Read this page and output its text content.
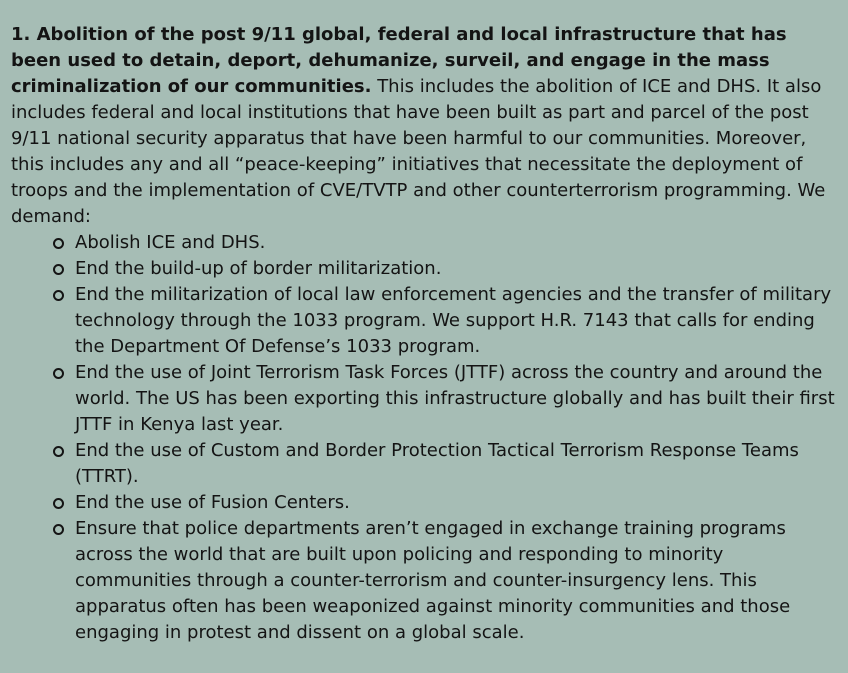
1. Abolition of the post 9/11 global, federal and local infrastructure that has been used to detain, deport, dehumanize, surveil, and engage in the mass criminalization of our communities. This includes the abolition of ICE and DHS. It also includes federal and local institutions that have been built as part and parcel of the post 9/11 national security apparatus that have been harmful to our communities. Moreover, this includes any and all “peace-keeping” initiatives that necessitate the deployment of troops and the implementation of CVE/TVTP and other counterterrorism programming. We demand:

Abolish ICE and DHS.
End the build-up of border militarization.
End the militarization of local law enforcement agencies and the transfer of military technology through the 1033 program. We support H.R. 7143 that calls for ending the Department Of Defense’s 1033 program.
End the use of Joint Terrorism Task Forces (JTTF) across the country and around the world. The US has been exporting this infrastructure globally and has built their first JTTF in Kenya last year.
End the use of Custom and Border Protection Tactical Terrorism Response Teams (TTRT).
End the use of Fusion Centers.
Ensure that police departments aren’t engaged in exchange training programs across the world that are built upon policing and responding to minority communities through a counter-terrorism and counter-insurgency lens. This apparatus often has been weaponized against minority communities and those engaging in protest and dissent on a global scale.
